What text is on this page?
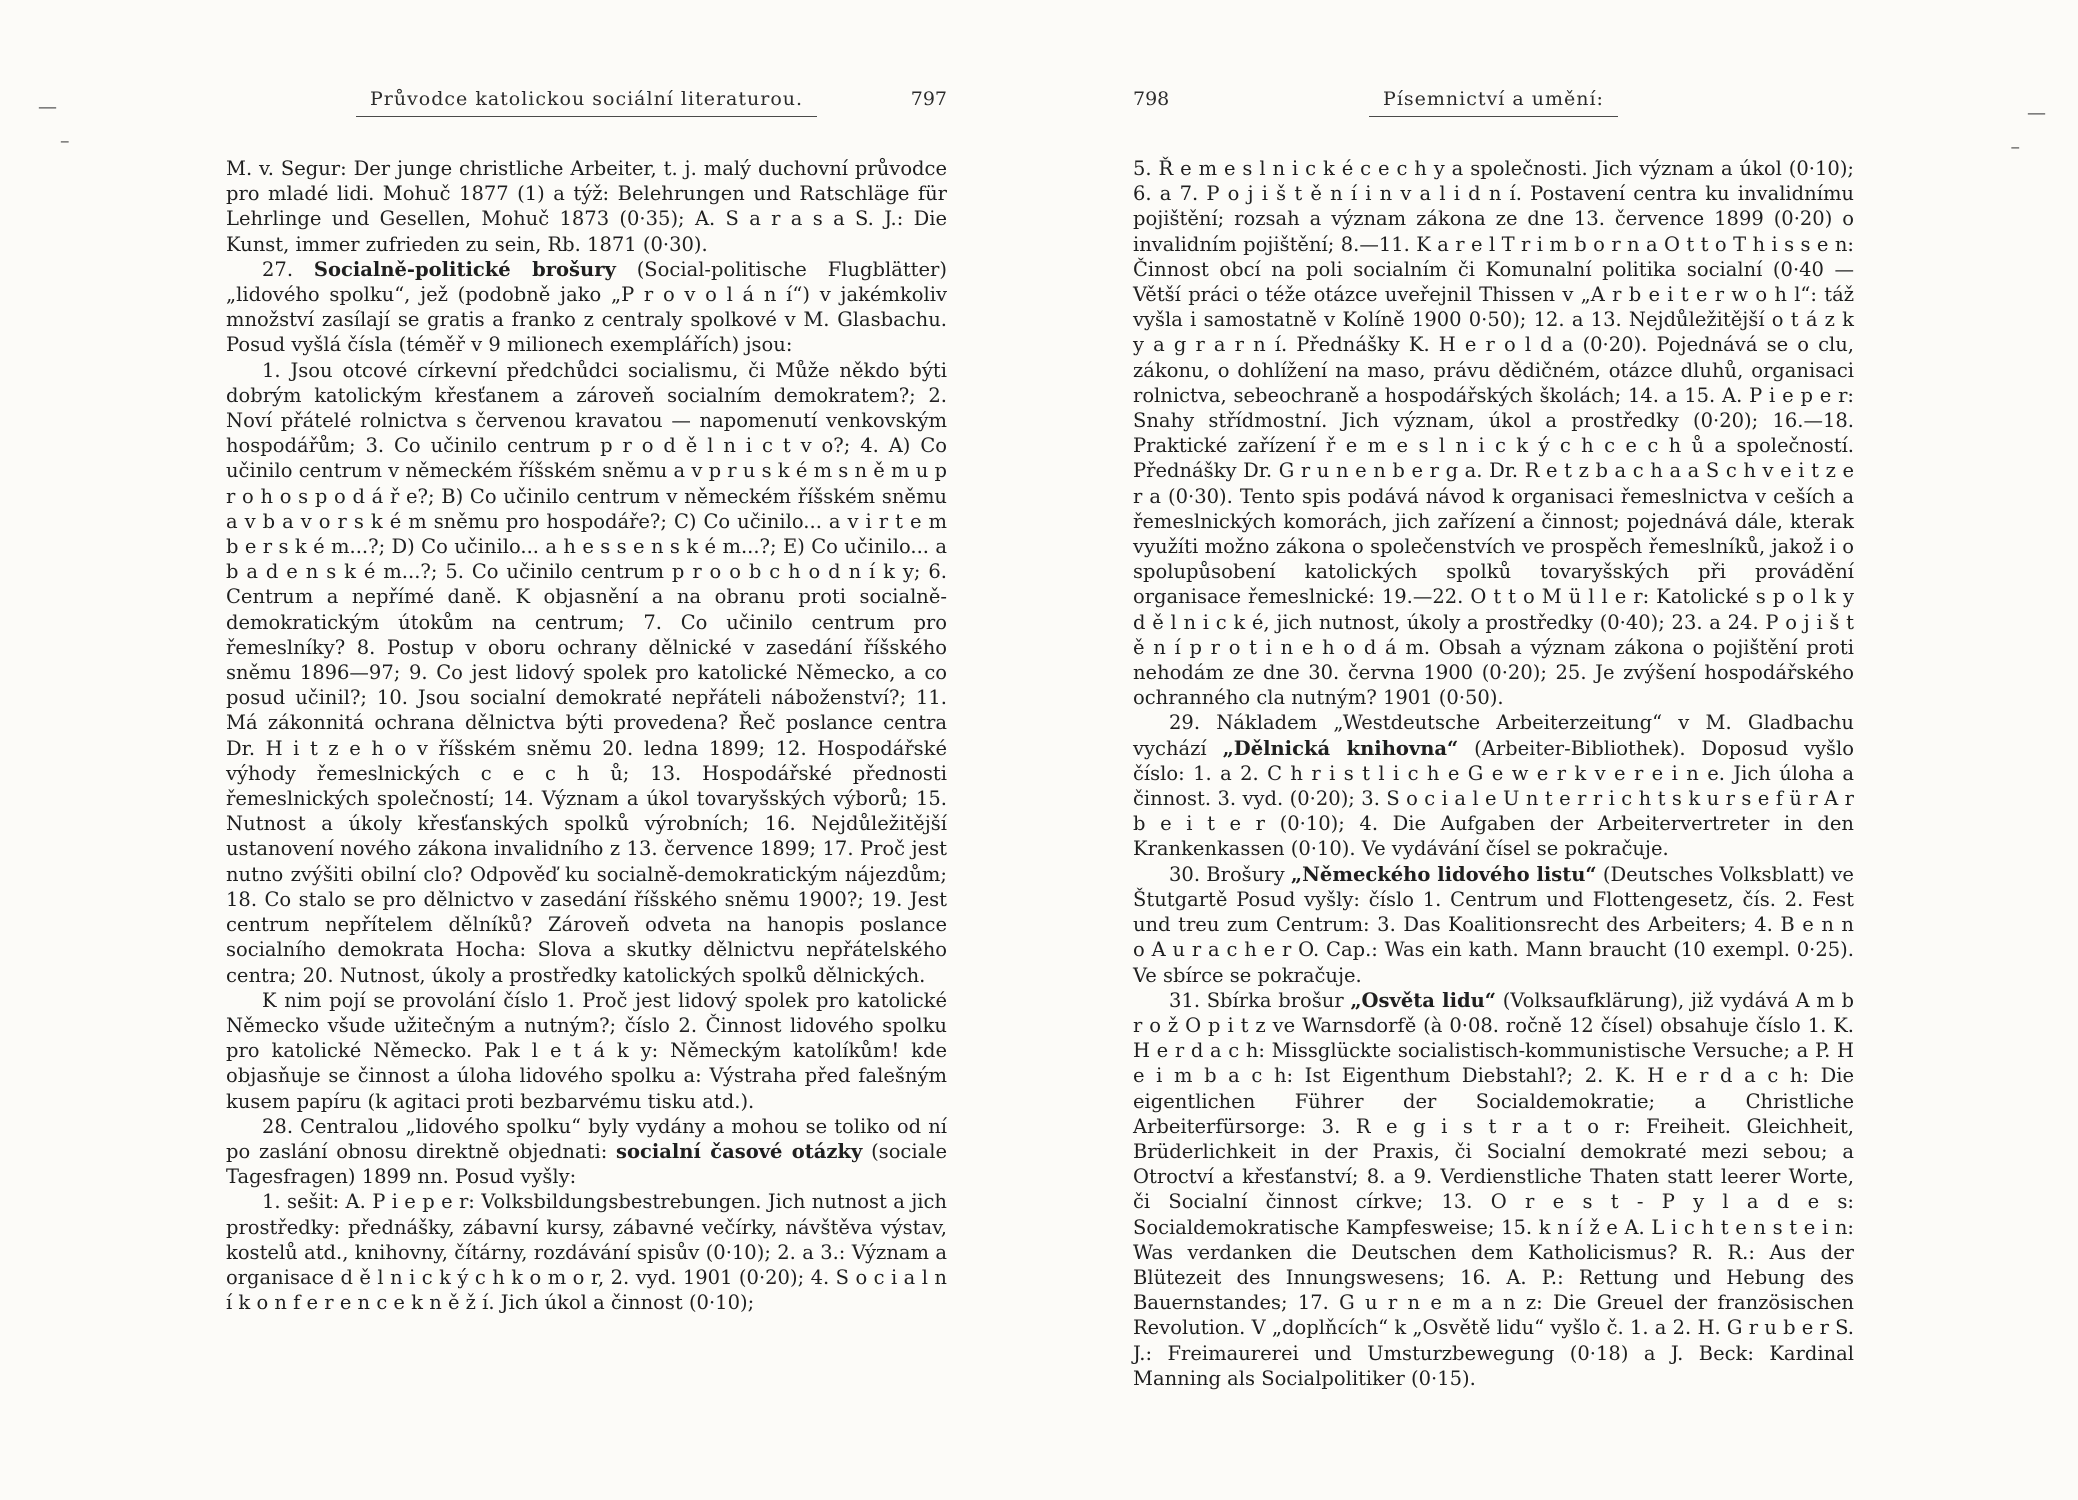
—
–
Průvodce katolickou sociální literaturou.	797

M. v. Segur: Der junge christliche Arbeiter, t. j. malý duchovní průvodce pro mladé lidi. Mohuč 1877 (1) a týž: Belehrungen und Ratschläge für Lehrlinge und Gesellen, Mohuč 1873 (0·35); A. S a r a s a S. J.: Die Kunst, immer zufrieden zu sein, Rb. 1871 (0·30).

27. Socialně-politické brošury (Social-politische Flugblätter) „lidového spolku“, jež (podobně jako „P r o v o l á n í“) v jakémkoliv množství zasílají se gratis a franko z centraly spolkové v M. Glasbachu. Posud vyšlá čísla (téměř v 9 milionech exemplářích) jsou:

1. Jsou otcové církevní předchůdci socialismu, či Může někdo býti dobrým katolickým křesťanem a zároveň socialním demokratem?; 2. Noví přátelé rolnictva s červenou kravatou — napomenutí venkovským hospodářům; 3. Co učinilo centrum p r o d ě l n i c t v o?; 4. A) Co učinilo centrum v německém říšském sněmu a v p r u s k é m s n ě m u p r o h o s p o d á ř e?; B) Co učinilo centrum v německém říšském sněmu a v b a v o r s k é m sněmu pro hospodáře?; C) Co učinilo... a v i r t e m b e r s k é m...?; D) Co učinilo... a h e s s e n s k é m...?; E) Co učinilo... a b a d e n s k é m...?; 5. Co učinilo centrum p r o o b c h o d n í k y; 6. Centrum a nepřímé daně. K objasnění a na obranu proti socialně-demokratickým útokům na centrum; 7. Co učinilo centrum pro řemeslníky? 8. Postup v oboru ochrany dělnické v zasedání říšského sněmu 1896—97; 9. Co jest lidový spolek pro katolické Německo, a co posud učinil?; 10. Jsou socialní demokraté nepřáteli náboženství?; 11. Má zákonnitá ochrana dělnictva býti provedena? Řeč poslance centra Dr. H i t z e h o v říšském sněmu 20. ledna 1899; 12. Hospodářské výhody řemeslnických c e c h ů; 13. Hospodářské přednosti řemeslnických společností; 14. Význam a úkol tovaryšských výborů; 15. Nutnost a úkoly křesťanských spolků výrobních; 16. Nejdůležitější ustanovení nového zákona invalidního z 13. července 1899; 17. Proč jest nutno zvýšiti obilní clo? Odpověď ku socialně-demokratickým nájezdům; 18. Co stalo se pro dělnictvo v zasedání říšského sněmu 1900?; 19. Jest centrum nepřítelem dělníků? Zároveň odveta na hanopis poslance socialního demokrata Hocha: Slova a skutky dělnictvu nepřátelského centra; 20. Nutnost, úkoly a prostředky katolických spolků dělnických.

K nim pojí se provolání číslo 1. Proč jest lidový spolek pro katolické Německo všude užitečným a nutným?; číslo 2. Činnost lidového spolku pro katolické Německo. Pak l e t á k y: Německým katolíkům! kde objasňuje se činnost a úloha lidového spolku a: Výstraha před falešným kusem papíru (k agitaci proti bezbarvému tisku atd.).

28. Centralou „lidového spolku“ byly vydány a mohou se toliko od ní po zaslání obnosu direktně objednati: socialní časové otázky (sociale Tagesfragen) 1899 nn. Posud vyšly:

1. sešit: A. P i e p e r: Volksbildungsbestrebungen. Jich nutnost a jich prostředky: přednášky, zábavní kursy, zábavné večírky, návštěva výstav, kostelů atd., knihovny, čítárny, rozdávání spisův (0·10); 2. a 3.: Význam a organisace d ě l n i c k ý c h k o m o r, 2. vyd. 1901 (0·20); 4. S o c i a l n í k o n f e r e n c e k n ě ž í. Jich úkol a činnost (0·10);

—
–
798	Písemnictví a umění:

5. Ř e m e s l n i c k é c e c h y a společnosti. Jich význam a úkol (0·10); 6. a 7. P o j i š t ě n í i n v a l i d n í. Postavení centra ku invalidnímu pojištění; rozsah a význam zákona ze dne 13. července 1899 (0·20) o invalidním pojištění; 8.—11. K a r e l T r i m b o r n a O t t o T h i s s e n: Činnost obcí na poli socialním či Komunalní politika socialní (0·40 — Větší práci o téže otázce uveřejnil Thissen v „A r b e i t e r w o h l“: táž vyšla i samostatně v Kolíně 1900 0·50); 12. a 13. Nejdůležitější o t á z k y a g r a r n í. Přednášky K. H e r o l d a (0·20). Pojednává se o clu, zákonu, o dohlížení na maso, právu dědičném, otázce dluhů, organisaci rolnictva, sebeochraně a hospodářských školách; 14. a 15. A. P i e p e r: Snahy střídmostní. Jich význam, úkol a prostředky (0·20); 16.—18. Praktické zařízení ř e m e s l n i c k ý c h c e c h ů a společností. Přednášky Dr. G r u n e n b e r g a. Dr. R e t z b a c h a a S c h v e i t z e r a (0·30). Tento spis podává návod k organisaci řemeslnictva v ceších a řemeslnických komorách, jich zařízení a činnost; pojednává dále, kterak využíti možno zákona o společenstvích ve prospěch řemeslníků, jakož i o spolupůsobení katolických spolků tovaryšských při provádění organisace řemeslnické: 19.—22. O t t o M ü l l e r: Katolické s p o l k y d ě l n i c k é, jich nutnost, úkoly a prostředky (0·40); 23. a 24. P o j i š t ě n í p r o t i n e h o d á m. Obsah a význam zákona o pojištění proti nehodám ze dne 30. června 1900 (0·20); 25. Je zvýšení hospodářského ochranného cla nutným? 1901 (0·50).

29. Nákladem „Westdeutsche Arbeiterzeitung“ v M. Gladbachu vychází „Dělnická knihovna“ (Arbeiter-Bibliothek). Doposud vyšlo číslo: 1. a 2. C h r i s t l i c h e G e w e r k v e r e i n e. Jich úloha a činnost. 3. vyd. (0·20); 3. S o c i a l e U n t e r r i c h t s k u r s e f ü r A r b e i t e r (0·10); 4. Die Aufgaben der Arbeitervertreter in den Krankenkassen (0·10). Ve vydávání čísel se pokračuje.

30. Brošury „Německého lidového listu“ (Deutsches Volksblatt) ve Štutgartě Posud vyšly: číslo 1. Centrum und Flottengesetz, čís. 2. Fest und treu zum Centrum: 3. Das Koalitionsrecht des Arbeiters; 4. B e n n o A u r a c h e r O. Cap.: Was ein kath. Mann braucht (10 exempl. 0·25). Ve sbírce se pokračuje.

31. Sbírka brošur „Osvěta lidu“ (Volksaufklärung), již vydává A m b r o ž O p i t z ve Warnsdorfě (à 0·08. ročně 12 čísel) obsahuje číslo 1. K. H e r d a c h: Missglückte socialistisch-kommunistische Versuche; a P. H e i m b a c h: Ist Eigenthum Diebstahl?; 2. K. H e r d a c h: Die eigentlichen Führer der Socialdemokratie; a Christliche Arbeiterfürsorge: 3. R e g i s t r a t o r: Freiheit. Gleichheit, Brüderlichkeit in der Praxis, či Socialní demokraté mezi sebou; a Otroctví a křesťanství; 8. a 9. Verdienstliche Thaten statt leerer Worte, či Socialní činnost církve; 13. O r e s t - P y l a d e s: Socialdemokratische Kampfesweise; 15. k n í ž e A. L i c h t e n s t e i n: Was verdanken die Deutschen dem Katholicismus? R. R.: Aus der Blütezeit des Innungswesens; 16. A. P.: Rettung und Hebung des Bauernstandes; 17. G u r n e m a n z: Die Greuel der französischen Revolution. V „doplňcích“ k „Osvětě lidu“ vyšlo č. 1. a 2. H. G r u b e r S. J.: Freimaurerei und Umsturzbewegung (0·18) a J. Beck: Kardinal Manning als Socialpolitiker (0·15).
